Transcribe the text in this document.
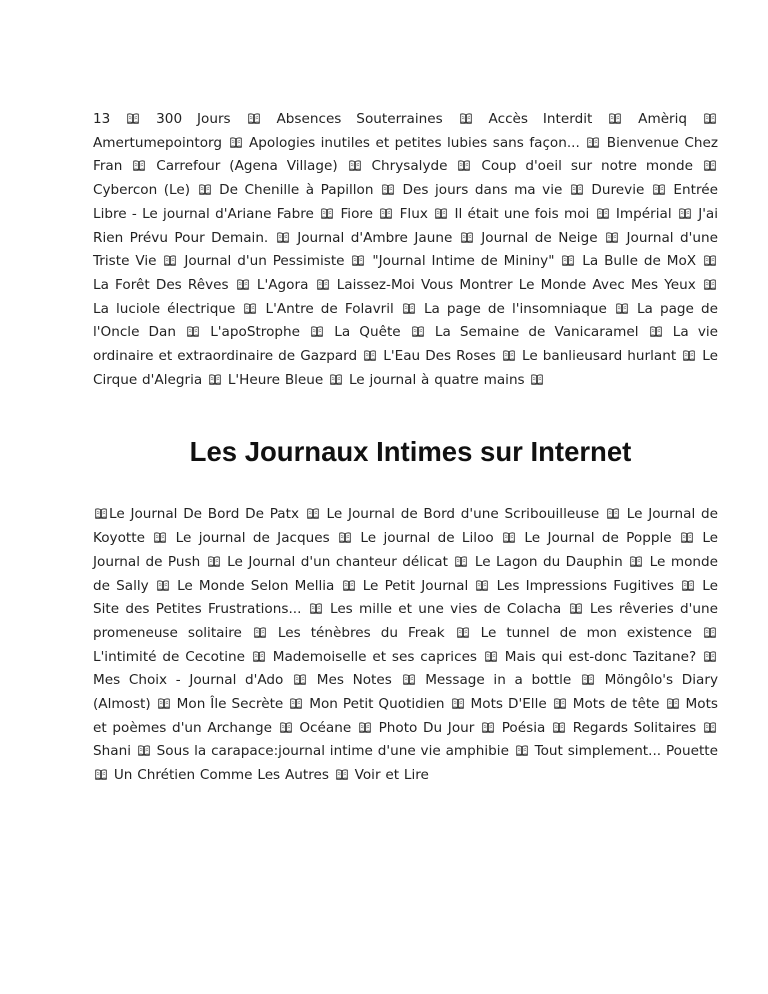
13	300 Jours	Absences Souterraines	Accès Interdit	Amèriq
Amertumepointorg Apologies inutiles et petites lubies sans façon... Bienvenue Chez Fran Carrefour (Agena Village) Chrysalyde Coup d'oeil sur notre monde
Cybercon (Le) De Chenille à Papillon Des jours dans ma vie Durevie Entrée Libre - Le journal d'Ariane Fabre Fiore Flux Il était une fois moi Impérial J'ai Rien Prévu Pour Demain. Journal d'Ambre Jaune Journal de Neige Journal d'une Triste Vie Journal d'un Pessimiste "Journal Intime de Mininy" La Bulle de MoX
La Forêt Des Rêves L'Agora Laissez-Moi Vous Montrer Le Monde Avec Mes Yeux
La luciole électrique L'Antre de Folavril La page de l'insomniaque La page de l'Oncle Dan	L'apoStrophe	La Quête	La Semaine de Vanicaramel	La vie ordinaire et extraordinaire de Gazpard L'Eau Des Roses Le banlieusard hurlant Le Cirque d'Alegria L'Heure Bleue Le journal à quatre mains

Les Journaux Intimes sur Internet

Le Journal De Bord De Patx Le Journal de Bord d'une Scribouilleuse Le Journal de Koyotte Le journal de Jacques Le journal de Liloo Le Journal de Popple Le Journal de Push Le Journal d'un chanteur délicat Le Lagon du Dauphin Le monde de Sally Le Monde Selon Mellia Le Petit Journal Les Impressions Fugitives Le Site des Petites Frustrations... Les mille et une vies de Colacha Les rêveries d'une promeneuse solitaire	Les ténèbres du Freak	Le tunnel de mon existence
L'intimité de Cecotine Mademoiselle et ses caprices Mais qui est-donc Tazitane?
Mes Choix - Journal d'Ado Mes Notes Message in a bottle Möngôlo's Diary (Almost) Mon Île Secrète Mon Petit Quotidien Mots D'Elle Mots de tête Mots et poèmes d'un Archange Océane Photo Du Jour Poésia Regards Solitaires
Shani Sous la carapace:journal intime d'une vie amphibie Tout simplement... Pouette
Un Chrétien Comme Les Autres Voir et Lire
